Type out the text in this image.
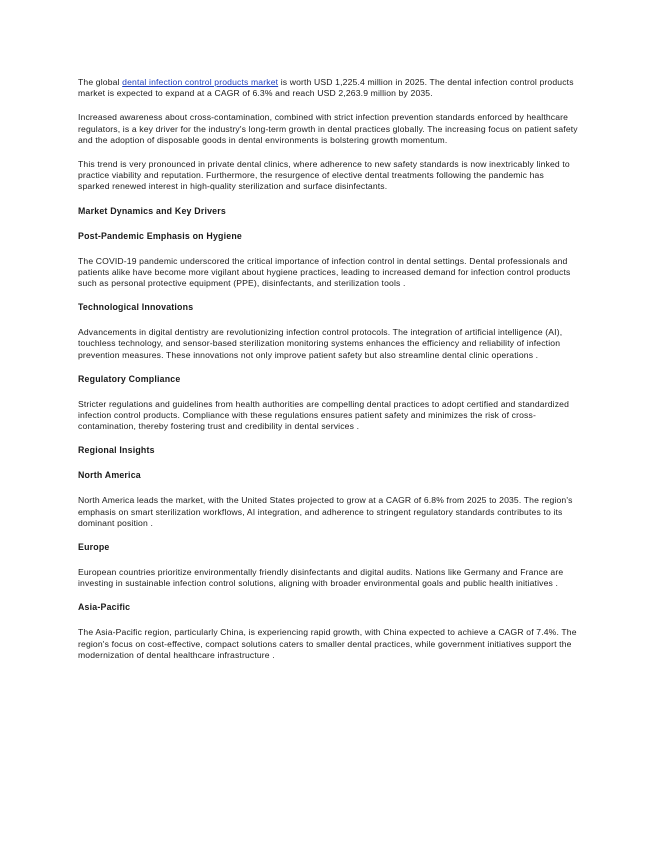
The global dental infection control products market is worth USD 1,225.4 million in 2025. The dental infection control products market is expected to expand at a CAGR of 6.3% and reach USD 2,263.9 million by 2035.

Increased awareness about cross-contamination, combined with strict infection prevention standards enforced by healthcare regulators, is a key driver for the industry's long-term growth in dental practices globally. The increasing focus on patient safety and the adoption of disposable goods in dental environments is bolstering growth momentum.

This trend is very pronounced in private dental clinics, where adherence to new safety standards is now inextricably linked to practice viability and reputation. Furthermore, the resurgence of elective dental treatments following the pandemic has sparked renewed interest in high-quality sterilization and surface disinfectants.

Market Dynamics and Key Drivers
Post-Pandemic Emphasis on Hygiene

The COVID-19 pandemic underscored the critical importance of infection control in dental settings. Dental professionals and patients alike have become more vigilant about hygiene practices, leading to increased demand for infection control products such as personal protective equipment (PPE), disinfectants, and sterilization tools .

Technological Innovations

Advancements in digital dentistry are revolutionizing infection control protocols. The integration of artificial intelligence (AI), touchless technology, and sensor-based sterilization monitoring systems enhances the efficiency and reliability of infection prevention measures. These innovations not only improve patient safety but also streamline dental clinic operations .

Regulatory Compliance

Stricter regulations and guidelines from health authorities are compelling dental practices to adopt certified and standardized infection control products. Compliance with these regulations ensures patient safety and minimizes the risk of cross-contamination, thereby fostering trust and credibility in dental services .

Regional Insights
North America

North America leads the market, with the United States projected to grow at a CAGR of 6.8% from 2025 to 2035. The region's emphasis on smart sterilization workflows, AI integration, and adherence to stringent regulatory standards contributes to its dominant position .

Europe

European countries prioritize environmentally friendly disinfectants and digital audits. Nations like Germany and France are investing in sustainable infection control solutions, aligning with broader environmental goals and public health initiatives .

Asia-Pacific

The Asia-Pacific region, particularly China, is experiencing rapid growth, with China expected to achieve a CAGR of 7.4%. The region's focus on cost-effective, compact solutions caters to smaller dental practices, while government initiatives support the modernization of dental healthcare infrastructure .
